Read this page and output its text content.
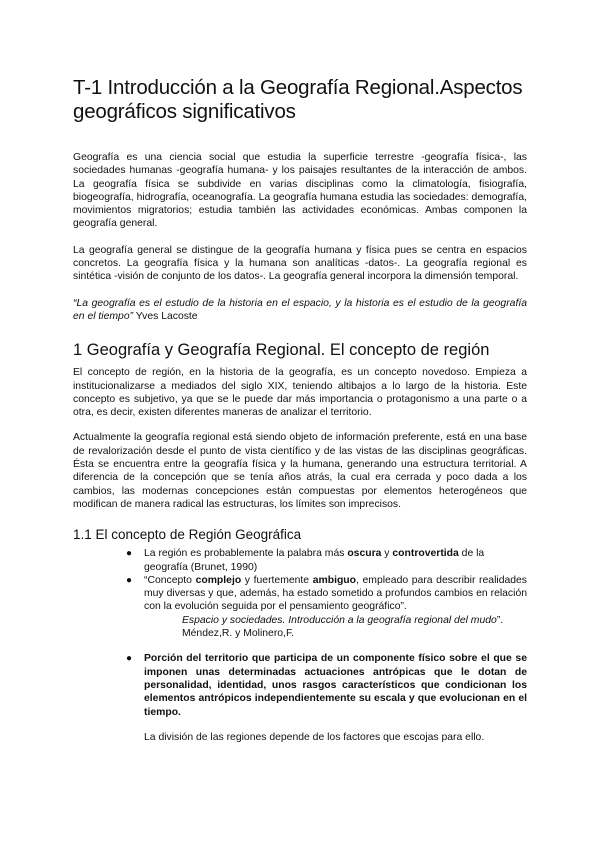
T-1 Introducción a la Geografía Regional.Aspectos geográficos significativos

Geografía es una ciencia social que estudia la superficie terrestre -geografía física-, las sociedades humanas -geografía humana- y los paisajes resultantes de la interacción de ambos. La geografía física se subdivide en varias disciplinas como la climatología, fisiografía, biogeografía, hidrografía, oceanografía. La geografía humana estudia las sociedades: demografía, movimientos migratorios; estudia también las actividades económicas. Ambas componen la geografía general.

La geografía general se distingue de la geografía humana y física pues se centra en espacios concretos. La geografía física y la humana son analíticas -datos-. La geografía regional es sintética -visión de conjunto de los datos-. La geografía general incorpora la dimensión temporal.

“La geografía es el estudio de la historia en el espacio, y la historia es el estudio de la geografía en el tiempo” Yves Lacoste

1 Geografía y Geografía Regional. El concepto de región

El concepto de región, en la historia de la geografía, es un concepto novedoso. Empieza a institucionalizarse a mediados del siglo XIX, teniendo altibajos a lo largo de la historia. Este concepto es subjetivo, ya que se le puede dar más importancia o protagonismo a una parte o a otra, es decir, existen diferentes maneras de analizar el territorio.

Actualmente la geografía regional está siendo objeto de información preferente, está en una base de revalorización desde el punto de vista científico y de las vistas de las disciplinas geográficas. Ésta se encuentra entre la geografía física y la humana, generando una estructura territorial. A diferencia de la concepción que se tenía años atrás, la cual era cerrada y poco dada a los cambios, las modernas concepciones están compuestas por elementos heterogéneos que modifican de manera radical las estructuras, los límites son imprecisos.

1.1 El concepto de Región Geográfica
● La región es probablemente la palabra más oscura y controvertida de la geografía (Brunet, 1990)
● “Concepto complejo y fuertemente ambiguo, empleado para describir realidades muy diversas y que, además, ha estado sometido a profundos cambios en relación con la evolución seguida por el pensamiento geográfico”.
Espacio y sociedades. Introducción a la geografía regional del mudo”.
Méndez,R. y Molinero,F.
● Porción del territorio que participa de un componente físico sobre el que se imponen unas determinadas actuaciones antrópicas que le dotan de personalidad, identidad, unos rasgos característicos que condicionan los elementos antrópicos independientemente su escala y que evolucionan en el tiempo.

La división de las regiones depende de los factores que escojas para ello.
